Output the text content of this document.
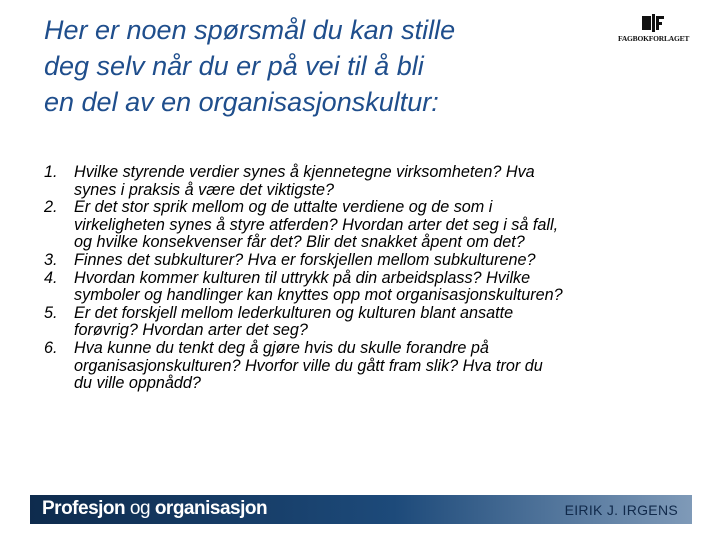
Her er noen spørsmål du kan stille
deg selv når du er på vei til å bli
en del av en organisasjonskultur:
FAGBOKFORLAGET
1. Hvilke styrende verdier synes å kjennetegne virksomheten? Hva
synes i praksis å være det viktigste?
2. Er det stor sprik mellom og de uttalte verdiene og de som i
virkeligheten synes å styre atferden? Hvordan arter det seg i så fall,
og hvilke konsekvenser får det? Blir det snakket åpent om det?
3. Finnes det subkulturer? Hva er forskjellen mellom subkulturene?
4. Hvordan kommer kulturen til uttrykk på din arbeidsplass? Hvilke
symboler og handlinger kan knyttes opp mot organisasjonskulturen?
5. Er det forskjell mellom lederkulturen og kulturen blant ansatte
forøvrig? Hvordan arter det seg?
6. Hva kunne du tenkt deg å gjøre hvis du skulle forandre på
organisasjonskulturen? Hvorfor ville du gått fram slik? Hva tror du
du ville oppnådd?
Profesjon og organisasjon	EIRIK J. IRGENS
